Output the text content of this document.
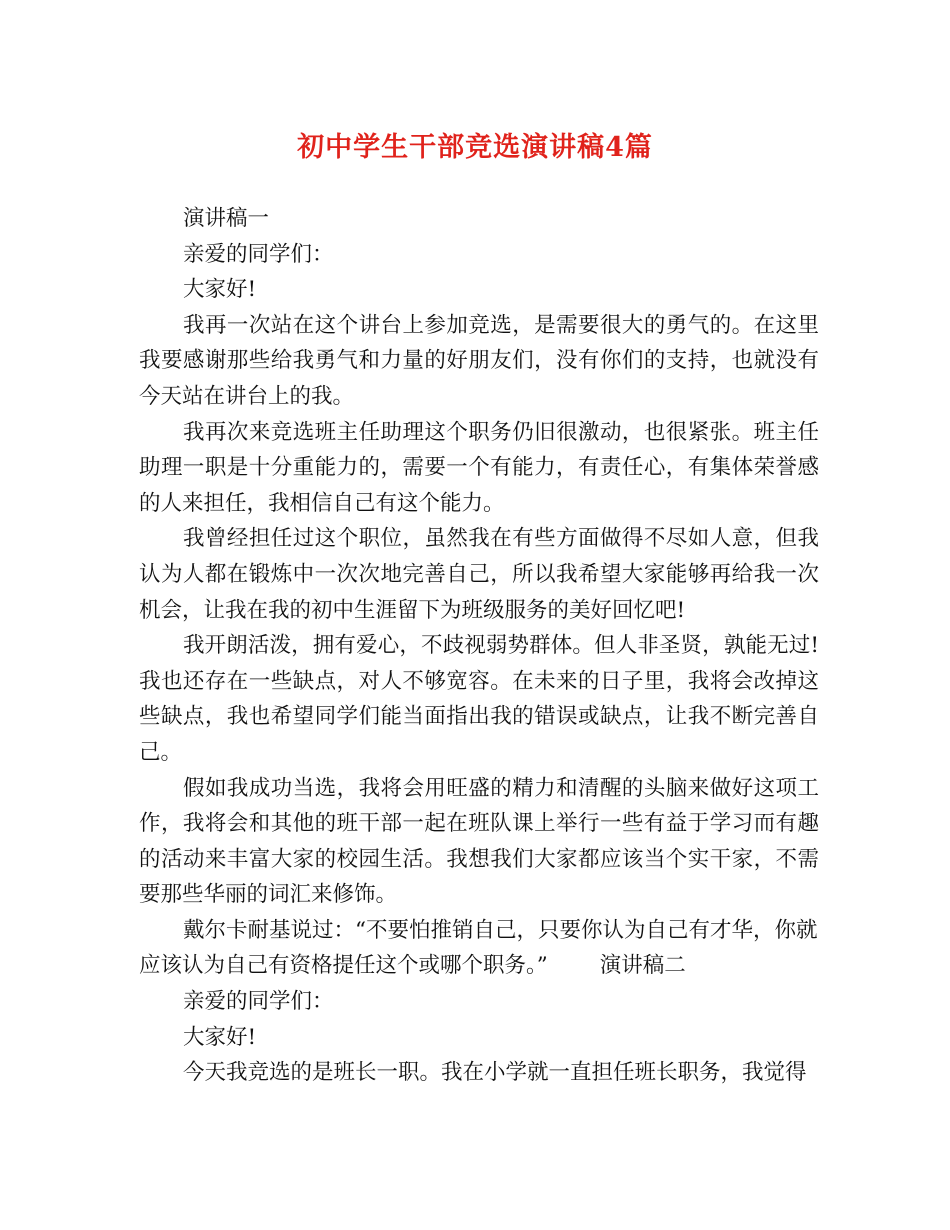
初中学生干部竞选演讲稿4篇

演讲稿一

亲爱的同学们：

大家好!

我再一次站在这个讲台上参加竞选，是需要很大的勇气的。在这里我要感谢那些给我勇气和力量的好朋友们，没有你们的支持，也就没有今天站在讲台上的我。

我再次来竞选班主任助理这个职务仍旧很激动，也很紧张。班主任助理一职是十分重能力的，需要一个有能力，有责任心，有集体荣誉感的人来担任，我相信自己有这个能力。

我曾经担任过这个职位，虽然我在有些方面做得不尽如人意，但我认为人都在锻炼中一次次地完善自己，所以我希望大家能够再给我一次机会，让我在我的初中生涯留下为班级服务的美好回忆吧!

我开朗活泼，拥有爱心，不歧视弱势群体。但人非圣贤，孰能无过!我也还存在一些缺点，对人不够宽容。在未来的日子里，我将会改掉这些缺点，我也希望同学们能当面指出我的错误或缺点，让我不断完善自己。

假如我成功当选，我将会用旺盛的精力和清醒的头脑来做好这项工作，我将会和其他的班干部一起在班队课上举行一些有益于学习而有趣的活动来丰富大家的校园生活。我想我们大家都应该当个实干家，不需要那些华丽的词汇来修饰。

戴尔卡耐基说过：“不要怕推销自己，只要你认为自己有才华，你就应该认为自己有资格提任这个或哪个职务。” 演讲稿二

亲爱的同学们：

大家好!

今天我竞选的是班长一职。我在小学就一直担任班长职务，我觉得
